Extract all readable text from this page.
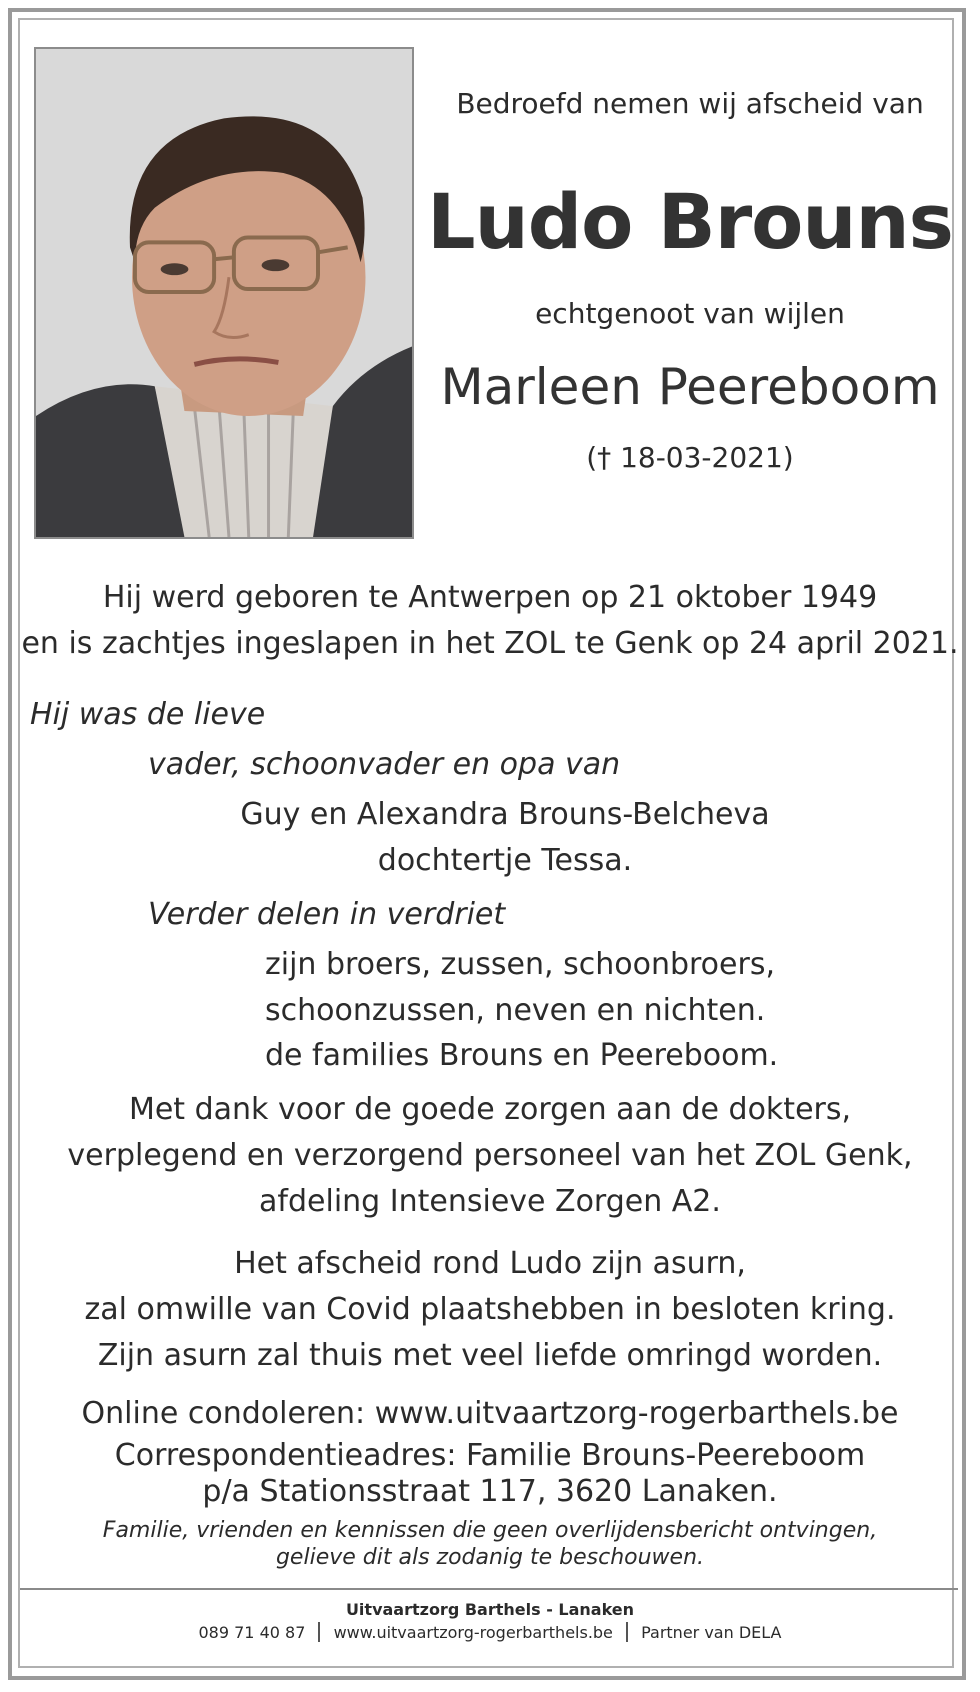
Bedroefd nemen wij afscheid van
Ludo Brouns
echtgenoot van wijlen
Marleen Peereboom
(† 18-03-2021)
Hij werd geboren te Antwerpen op 21 oktober 1949
en is zachtjes ingeslapen in het ZOL te Genk op 24 april 2021.
Hij was de lieve
vader, schoonvader en opa van
Guy en Alexandra Brouns-Belcheva
dochtertje Tessa.
Verder delen in verdriet
zijn broers, zussen, schoonbroers,
schoonzussen, neven en nichten.
de families Brouns en Peereboom.
Met dank voor de goede zorgen aan de dokters,
verplegend en verzorgend personeel van het ZOL Genk,
afdeling Intensieve Zorgen A2.
Het afscheid rond Ludo zijn asurn,
zal omwille van Covid plaatshebben in besloten kring.
Zijn asurn zal thuis met veel liefde omringd worden.
Online condoleren: www.uitvaartzorg-rogerbarthels.be
Correspondentieadres: Familie Brouns-Peereboom
p/a Stationsstraat 117, 3620 Lanaken.
Familie, vrienden en kennissen die geen overlijdensbericht ontvingen,
gelieve dit als zodanig te beschouwen.
Uitvaartzorg Barthels - Lanaken
089 71 40 87 www.uitvaartzorg-rogerbarthels.be Partner van DELA
